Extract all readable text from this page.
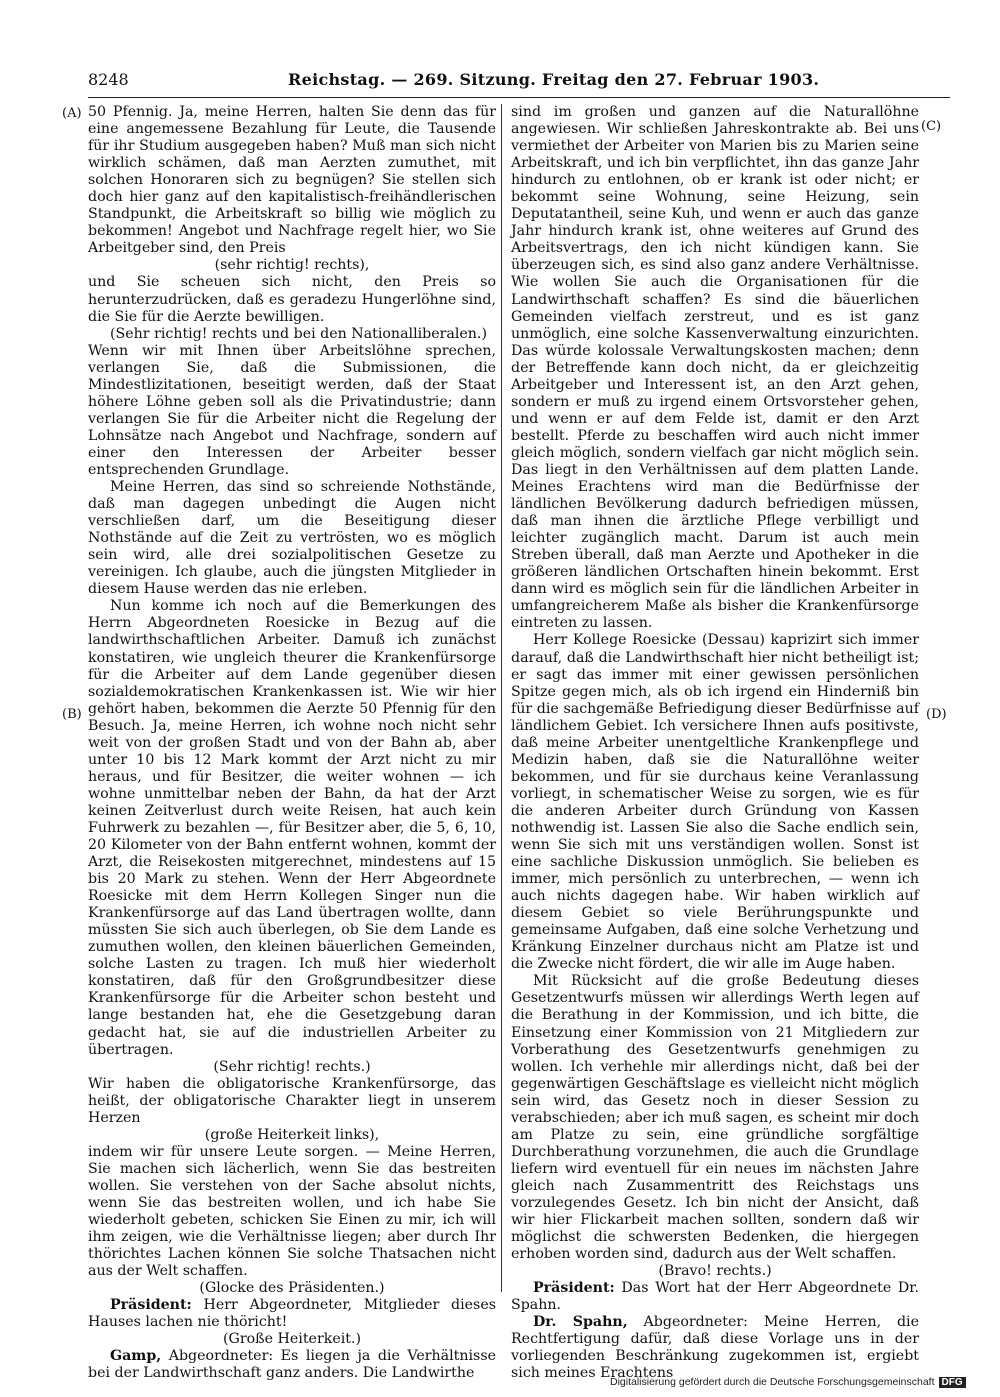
8248	Reichstag. — 269. Sitzung. Freitag den 27. Februar 1903.
(A)
(B)
(C)
(D)

50 Pfennig. Ja, meine Herren, halten Sie denn das für eine angemessene Bezahlung für Leute, die Tausende für ihr Studium ausgegeben haben? Muß man sich nicht wirklich schämen, daß man Aerzten zumuthet, mit solchen Honoraren sich zu begnügen? Sie stellen sich doch hier ganz auf den kapitalistisch-freihändlerischen Standpunkt, die Arbeitskraft so billig wie möglich zu bekommen! Angebot und Nachfrage regelt hier, wo Sie Arbeitgeber sind, den Preis

(sehr richtig! rechts),

und Sie scheuen sich nicht, den Preis so herunterzudrücken, daß es geradezu Hungerlöhne sind, die Sie für die Aerzte bewilligen.

(Sehr richtig! rechts und bei den Nationalliberalen.)

Wenn wir mit Ihnen über Arbeitslöhne sprechen, verlangen Sie, daß die Submissionen, die Mindestlizitationen, beseitigt werden, daß der Staat höhere Löhne geben soll als die Privatindustrie; dann verlangen Sie für die Arbeiter nicht die Regelung der Lohnsätze nach Angebot und Nachfrage, sondern auf einer den Interessen der Arbeiter besser entsprechenden Grundlage.

Meine Herren, das sind so schreiende Nothstände, daß man dagegen unbedingt die Augen nicht verschließen darf, um die Beseitigung dieser Nothstände auf die Zeit zu vertrösten, wo es möglich sein wird, alle drei sozialpolitischen Gesetze zu vereinigen. Ich glaube, auch die jüngsten Mitglieder in diesem Hause werden das nie erleben.

Nun komme ich noch auf die Bemerkungen des Herrn Abgeordneten Roesicke in Bezug auf die landwirthschaftlichen Arbeiter. Damuß ich zunächst konstatiren, wie ungleich theurer die Krankenfürsorge für die Arbeiter auf dem Lande gegenüber diesen sozialdemokratischen Krankenkassen ist. Wie wir hier gehört haben, bekommen die Aerzte 50 Pfennig für den Besuch. Ja, meine Herren, ich wohne noch nicht sehr weit von der großen Stadt und von der Bahn ab, aber unter 10 bis 12 Mark kommt der Arzt nicht zu mir heraus, und für Besitzer, die weiter wohnen — ich wohne unmittelbar neben der Bahn, da hat der Arzt keinen Zeitverlust durch weite Reisen, hat auch kein Fuhrwerk zu bezahlen —, für Besitzer aber, die 5, 6, 10, 20 Kilometer von der Bahn entfernt wohnen, kommt der Arzt, die Reisekosten mitgerechnet, mindestens auf 15 bis 20 Mark zu stehen. Wenn der Herr Abgeordnete Roesicke mit dem Herrn Kollegen Singer nun die Krankenfürsorge auf das Land übertragen wollte, dann müssten Sie sich auch überlegen, ob Sie dem Lande es zumuthen wollen, den kleinen bäuerlichen Gemeinden, solche Lasten zu tragen. Ich muß hier wiederholt konstatiren, daß für den Großgrundbesitzer diese Krankenfürsorge für die Arbeiter schon besteht und lange bestanden hat, ehe die Gesetzgebung daran gedacht hat, sie auf die industriellen Arbeiter zu übertragen.

(Sehr richtig! rechts.)

Wir haben die obligatorische Krankenfürsorge, das heißt, der obligatorische Charakter liegt in unserem Herzen

(große Heiterkeit links),

indem wir für unsere Leute sorgen. — Meine Herren, Sie machen sich lächerlich, wenn Sie das bestreiten wollen. Sie verstehen von der Sache absolut nichts, wenn Sie das bestreiten wollen, und ich habe Sie wiederholt gebeten, schicken Sie Einen zu mir, ich will ihm zeigen, wie die Verhältnisse liegen; aber durch Ihr thörichtes Lachen können Sie solche Thatsachen nicht aus der Welt schaffen.

(Glocke des Präsidenten.)

Präsident: Herr Abgeordneter, Mitglieder dieses Hauses lachen nie thöricht!

(Große Heiterkeit.)

Gamp, Abgeordneter: Es liegen ja die Verhältnisse bei der Landwirthschaft ganz anders. Die Landwirthe

sind im großen und ganzen auf die Naturallöhne angewiesen. Wir schließen Jahreskontrakte ab. Bei uns vermiethet der Arbeiter von Marien bis zu Marien seine Arbeitskraft, und ich bin verpflichtet, ihn das ganze Jahr hindurch zu entlohnen, ob er krank ist oder nicht; er bekommt seine Wohnung, seine Heizung, sein Deputatantheil, seine Kuh, und wenn er auch das ganze Jahr hindurch krank ist, ohne weiteres auf Grund des Arbeitsvertrags, den ich nicht kündigen kann. Sie überzeugen sich, es sind also ganz andere Verhältnisse. Wie wollen Sie auch die Organisationen für die Landwirthschaft schaffen? Es sind die bäuerlichen Gemeinden vielfach zerstreut, und es ist ganz unmöglich, eine solche Kassenverwaltung einzurichten. Das würde kolossale Verwaltungskosten machen; denn der Betreffende kann doch nicht, da er gleichzeitig Arbeitgeber und Interessent ist, an den Arzt gehen, sondern er muß zu irgend einem Ortsvorsteher gehen, und wenn er auf dem Felde ist, damit er den Arzt bestellt. Pferde zu beschaffen wird auch nicht immer gleich möglich, sondern vielfach gar nicht möglich sein. Das liegt in den Verhältnissen auf dem platten Lande. Meines Erachtens wird man die Bedürfnisse der ländlichen Bevölkerung dadurch befriedigen müssen, daß man ihnen die ärztliche Pflege verbilligt und leichter zugänglich macht. Darum ist auch mein Streben überall, daß man Aerzte und Apotheker in die größeren ländlichen Ortschaften hinein bekommt. Erst dann wird es möglich sein für die ländlichen Arbeiter in umfangreicherem Maße als bisher die Krankenfürsorge eintreten zu lassen.

Herr Kollege Roesicke (Dessau) kaprizirt sich immer darauf, daß die Landwirthschaft hier nicht betheiligt ist; er sagt das immer mit einer gewissen persönlichen Spitze gegen mich, als ob ich irgend ein Hinderniß bin für die sachgemäße Befriedigung dieser Bedürfnisse auf ländlichem Gebiet. Ich versichere Ihnen aufs positivste, daß meine Arbeiter unentgeltliche Krankenpflege und Medizin haben, daß sie die Naturallöhne weiter bekommen, und für sie durchaus keine Veranlassung vorliegt, in schematischer Weise zu sorgen, wie es für die anderen Arbeiter durch Gründung von Kassen nothwendig ist. Lassen Sie also die Sache endlich sein, wenn Sie sich mit uns verständigen wollen. Sonst ist eine sachliche Diskussion unmöglich. Sie belieben es immer, mich persönlich zu unterbrechen, — wenn ich auch nichts dagegen habe. Wir haben wirklich auf diesem Gebiet so viele Berührungspunkte und gemeinsame Aufgaben, daß eine solche Verhetzung und Kränkung Einzelner durchaus nicht am Platze ist und die Zwecke nicht fördert, die wir alle im Auge haben.

Mit Rücksicht auf die große Bedeutung dieses Gesetzentwurfs müssen wir allerdings Werth legen auf die Berathung in der Kommission, und ich bitte, die Einsetzung einer Kommission von 21 Mitgliedern zur Vorberathung des Gesetzentwurfs genehmigen zu wollen. Ich verhehle mir allerdings nicht, daß bei der gegenwärtigen Geschäftslage es vielleicht nicht möglich sein wird, das Gesetz noch in dieser Session zu verabschieden; aber ich muß sagen, es scheint mir doch am Platze zu sein, eine gründliche sorgfältige Durchberathung vorzunehmen, die auch die Grundlage liefern wird eventuell für ein neues im nächsten Jahre gleich nach Zusammentritt des Reichstags uns vorzulegendes Gesetz. Ich bin nicht der Ansicht, daß wir hier Flickarbeit machen sollten, sondern daß wir möglichst die schwersten Bedenken, die hiergegen erhoben worden sind, dadurch aus der Welt schaffen.

(Bravo! rechts.)

Präsident: Das Wort hat der Herr Abgeordnete Dr. Spahn.

Dr. Spahn, Abgeordneter: Meine Herren, die Rechtfertigung dafür, daß diese Vorlage uns in der vorliegenden Beschränkung zugekommen ist, ergiebt sich meines Erachtens

Digitalisierung gefördert durch die Deutsche Forschungsgemeinschaft DFG
